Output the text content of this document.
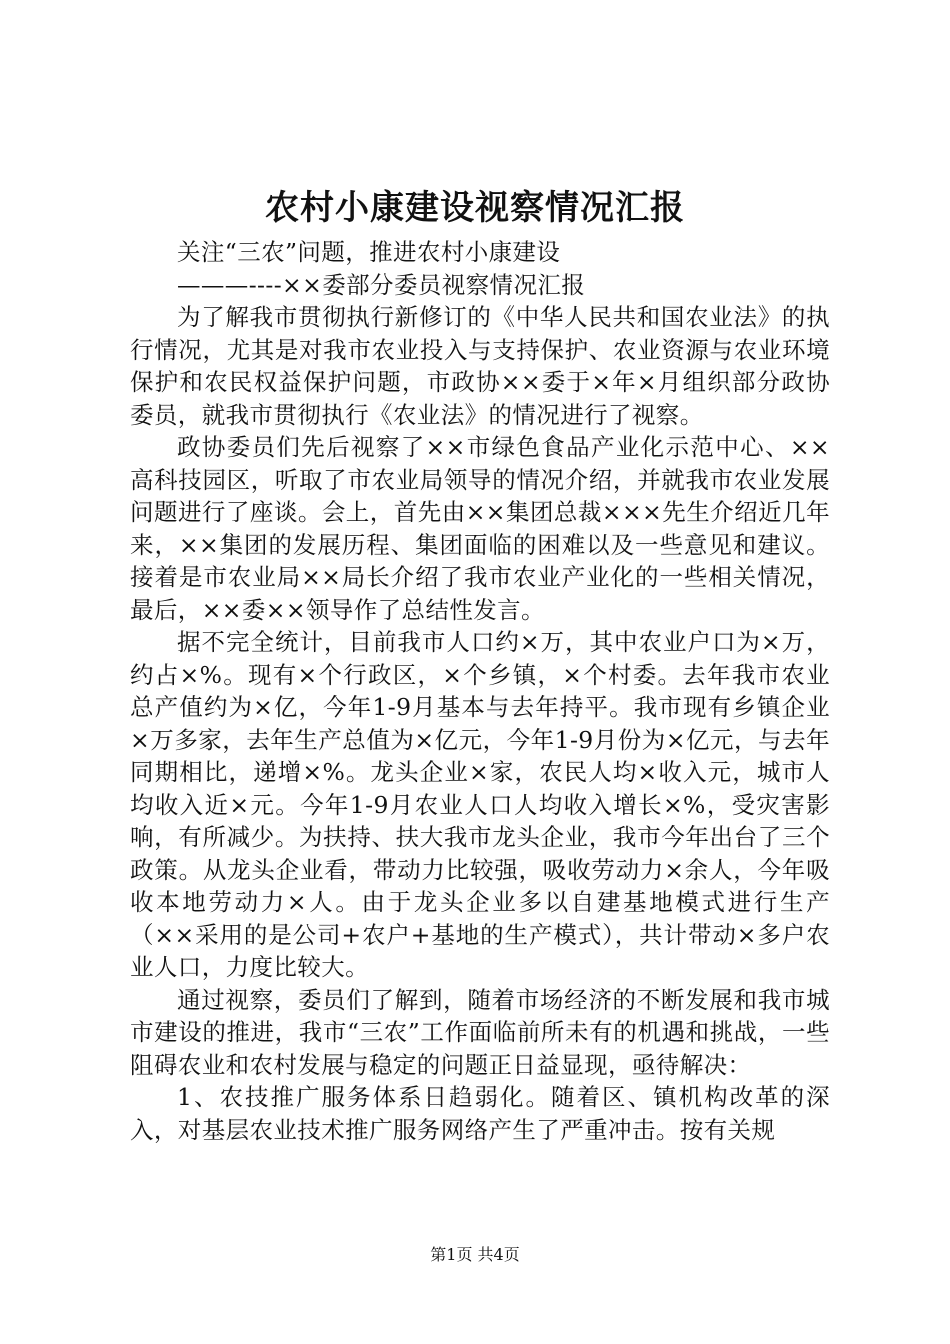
农村小康建设视察情况汇报

关注“三农”问题，推进农村小康建设

———----××委部分委员视察情况汇报

为了解我市贯彻执行新修订的《中华人民共和国农业法》的执行情况，尤其是对我市农业投入与支持保护、农业资源与农业环境保护和农民权益保护问题，市政协××委于×年×月组织部分政协委员，就我市贯彻执行《农业法》的情况进行了视察。

政协委员们先后视察了××市绿色食品产业化示范中心、××高科技园区，听取了市农业局领导的情况介绍，并就我市农业发展问题进行了座谈。会上，首先由××集团总裁×××先生介绍近几年来，××集团的发展历程、集团面临的困难以及一些意见和建议。接着是市农业局××局长介绍了我市农业产业化的一些相关情况，最后，××委××领导作了总结性发言。

据不完全统计，目前我市人口约×万，其中农业户口为×万，约占×%。现有×个行政区，×个乡镇，×个村委。去年我市农业总产值约为×亿，今年1-9月基本与去年持平。我市现有乡镇企业×万多家，去年生产总值为×亿元，今年1-9月份为×亿元，与去年同期相比，递增×%。龙头企业×家，农民人均×收入元，城市人均收入近×元。今年1-9月农业人口人均收入增长×%，受灾害影响，有所减少。为扶持、扶大我市龙头企业，我市今年出台了三个政策。从龙头企业看，带动力比较强，吸收劳动力×余人，今年吸收本地劳动力×人。由于龙头企业多以自建基地模式进行生产（××采用的是公司+农户+基地的生产模式），共计带动×多户农业人口，力度比较大。

通过视察，委员们了解到，随着市场经济的不断发展和我市城市建设的推进，我市“三农”工作面临前所未有的机遇和挑战，一些阻碍农业和农村发展与稳定的问题正日益显现，亟待解决：

1、农技推广服务体系日趋弱化。随着区、镇机构改革的深入，对基层农业技术推广服务网络产生了严重冲击。按有关规

第1页 共4页
